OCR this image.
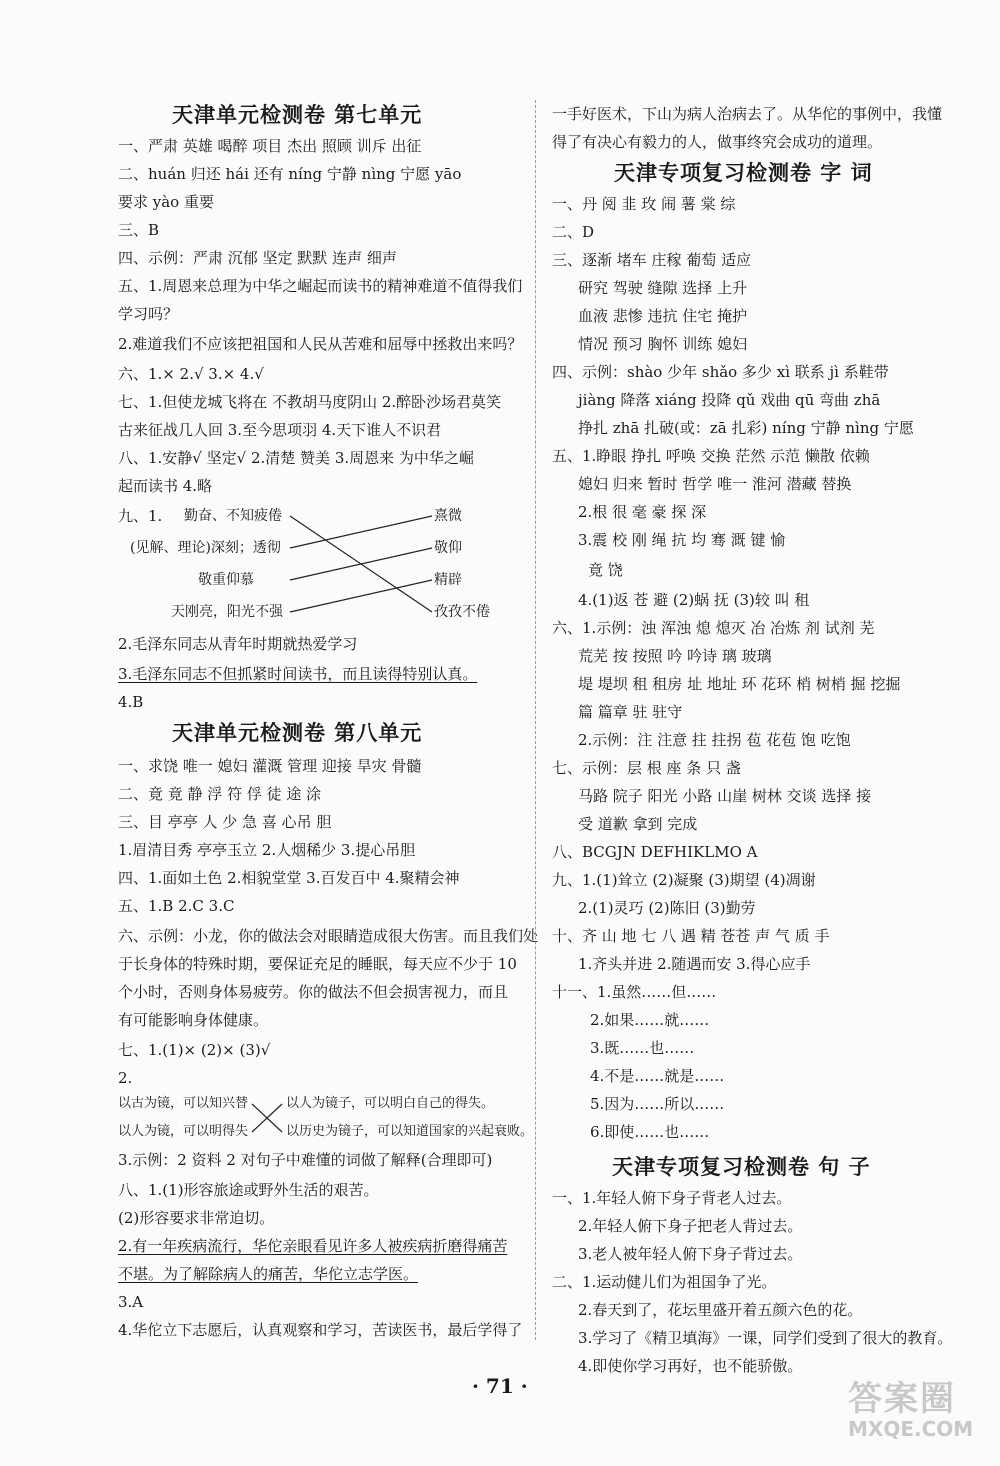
天津单元检测卷 第七单元
一、严肃 英雄 喝醉 项目 杰出 照顾 训斥 出征
二、huán 归还 hái 还有 níng 宁静 nìng 宁愿 yāo
要求 yào 重要
三、B
四、示例：严肃 沉郁 坚定 默默 连声 细声
五、1.周恩来总理为中华之崛起而读书的精神难道不值得我们
学习吗？
2.难道我们不应该把祖国和人民从苦难和屈辱中拯救出来吗？
六、1.× 2.√ 3.× 4.√
七、1.但使龙城飞将在 不教胡马度阴山 2.醉卧沙场君莫笑
古来征战几人回 3.至今思项羽 4.天下谁人不识君
八、1.安静√ 坚定√ 2.清楚 赞美 3.周恩来 为中华之崛
起而读书 4.略
九、1. 勤奋、不知疲倦
(见解、理论)深刻；透彻
敬重仰慕
天刚亮，阳光不强
熹微
敬仰
精辟
孜孜不倦
2.毛泽东同志从青年时期就热爱学习
3.毛泽东同志不但抓紧时间读书，而且读得特别认真。
4.B
天津单元检测卷 第八单元
一、求饶 唯一 媳妇 灌溉 管理 迎接 旱灾 骨髓
二、竟 竟 静 浮 符 俘 徒 途 涂
三、目 亭亭 人 少 急 喜 心吊 胆
1.眉清目秀 亭亭玉立 2.人烟稀少 3.提心吊胆
四、1.面如土色 2.相貌堂堂 3.百发百中 4.聚精会神
五、1.B 2.C 3.C
六、示例：小龙，你的做法会对眼睛造成很大伤害。而且我们处
于长身体的特殊时期，要保证充足的睡眠，每天应不少于 10
个小时，否则身体易疲劳。你的做法不但会损害视力，而且
有可能影响身体健康。
七、1.(1)× (2)× (3)√
2.
以古为镜，可以知兴替
以人为镜，可以明得失
以人为镜子，可以明白自己的得失。
以历史为镜子，可以知道国家的兴起衰败。
3.示例：2 资料 2 对句子中难懂的词做了解释(合理即可)
八、1.(1)形容旅途或野外生活的艰苦。
(2)形容要求非常迫切。
2.有一年疾病流行，华佗亲眼看见许多人被疾病折磨得痛苦
不堪。为了解除病人的痛苦，华佗立志学医。
3.A
4.华佗立下志愿后，认真观察和学习，苦读医书，最后学得了
一手好医术，下山为病人治病去了。从华佗的事例中，我懂
得了有决心有毅力的人，做事终究会成功的道理。
天津专项复习检测卷 字 词
一、丹 阅 韭 玫 闹 薯 棠 综
二、D
三、逐渐 堵车 庄稼 葡萄 适应
研究 驾驶 缝隙 选择 上升
血液 悲惨 违抗 住宅 掩护
情况 预习 胸怀 训练 媳妇
四、示例：shào 少年 shǎo 多少 xì 联系 jì 系鞋带
jiàng 降落 xiáng 投降 qǔ 戏曲 qū 弯曲 zhā
挣扎 zhā 扎破(或：zā 扎彩) níng 宁静 nìng 宁愿
五、1.睁眼 挣扎 呼唤 交换 茫然 示范 懒散 依赖
媳妇 归来 暂时 哲学 唯一 淮河 潜藏 替换
2.根 很 毫 豪 探 深
3.震 校 刚 绳 抗 均 骞 溉 键 愉
竟 饶
4.(1)返 苍 避 (2)蜗 抚 (3)较 叫 租
六、1.示例：浊 浑浊 熄 熄灭 冶 冶炼 剂 试剂 芜
荒芜 按 按照 吟 吟诗 璃 玻璃
堤 堤坝 租 租房 址 地址 环 花环 梢 树梢 掘 挖掘
篇 篇章 驻 驻守
2.示例：注 注意 拄 拄拐 苞 花苞 饱 吃饱
七、示例：层 根 座 条 只 盏
马路 院子 阳光 小路 山崖 树林 交谈 选择 接
受 道歉 拿到 完成
八、BCGJN DEFHIKLMO A
九、1.(1)耸立 (2)凝聚 (3)期望 (4)凋谢
2.(1)灵巧 (2)陈旧 (3)勤劳
十、齐 山 地 七 八 遇 精 苍苍 声 气 质 手
1.齐头并进 2.随遇而安 3.得心应手
十一、1.虽然……但……
2.如果……就……
3.既……也……
4.不是……就是……
5.因为……所以……
6.即使……也……
天津专项复习检测卷 句 子
一、1.年轻人俯下身子背老人过去。
2.年轻人俯下身子把老人背过去。
3.老人被年轻人俯下身子背过去。
二、1.运动健儿们为祖国争了光。
2.春天到了，花坛里盛开着五颜六色的花。
3.学习了《精卫填海》一课，同学们受到了很大的教育。
4.即使你学习再好，也不能骄傲。
· 71 ·	答案圈
MXQE.COM
